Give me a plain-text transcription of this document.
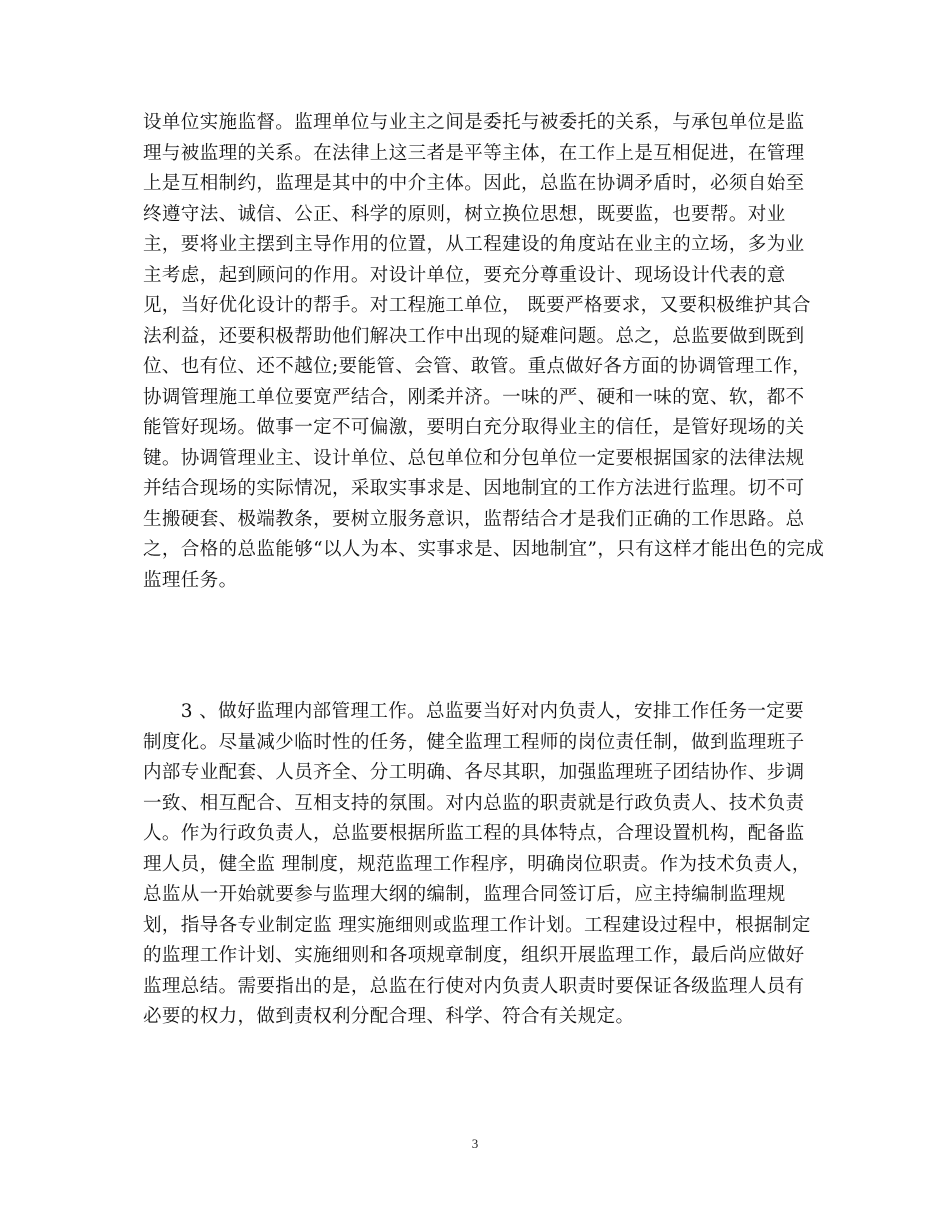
设单位实施监督。监理单位与业主之间是委托与被委托的关系，与承包单位是监
理与被监理的关系。在法律上这三者是平等主体，在工作上是互相促进，在管理
上是互相制约，监理是其中的中介主体。因此，总监在协调矛盾时，必须自始至
终遵守法、诚信、公正、科学的原则，树立换位思想，既要监，也要帮。对业
主，要将业主摆到主导作用的位置，从工程建设的角度站在业主的立场，多为业
主考虑，起到顾问的作用。对设计单位，要充分尊重设计、现场设计代表的意
见，当好优化设计的帮手。对工程施工单位， 既要严格要求，又要积极维护其合
法利益，还要积极帮助他们解决工作中出现的疑难问题。总之，总监要做到既到
位、也有位、还不越位;要能管、会管、敢管。重点做好各方面的协调管理工作，
协调管理施工单位要宽严结合，刚柔并济。一味的严、硬和一味的宽、软，都不
能管好现场。做事一定不可偏激，要明白充分取得业主的信任，是管好现场的关
键。协调管理业主、设计单位、总包单位和分包单位一定要根据国家的法律法规
并结合现场的实际情况，采取实事求是、因地制宜的工作方法进行监理。切不可
生搬硬套、极端教条，要树立服务意识，监帮结合才是我们正确的工作思路。总
之，合格的总监能够“以人为本、实事求是、因地制宜”，只有这样才能出色的完成
监理任务。
　　3 、做好监理内部管理工作。总监要当好对内负责人，安排工作任务一定要
制度化。尽量减少临时性的任务，健全监理工程师的岗位责任制，做到监理班子
内部专业配套、人员齐全、分工明确、各尽其职，加强监理班子团结协作、步调
一致、相互配合、互相支持的氛围。对内总监的职责就是行政负责人、技术负责
人。作为行政负责人，总监要根据所监工程的具体特点，合理设置机构，配备监
理人员，健全监 理制度，规范监理工作程序，明确岗位职责。作为技术负责人，
总监从一开始就要参与监理大纲的编制，监理合同签订后，应主持编制监理规
划，指导各专业制定监 理实施细则或监理工作计划。工程建设过程中，根据制定
的监理工作计划、实施细则和各项规章制度，组织开展监理工作，最后尚应做好
监理总结。需要指出的是，总监在行使对内负责人职责时要保证各级监理人员有
必要的权力，做到责权利分配合理、科学、符合有关规定。
3
